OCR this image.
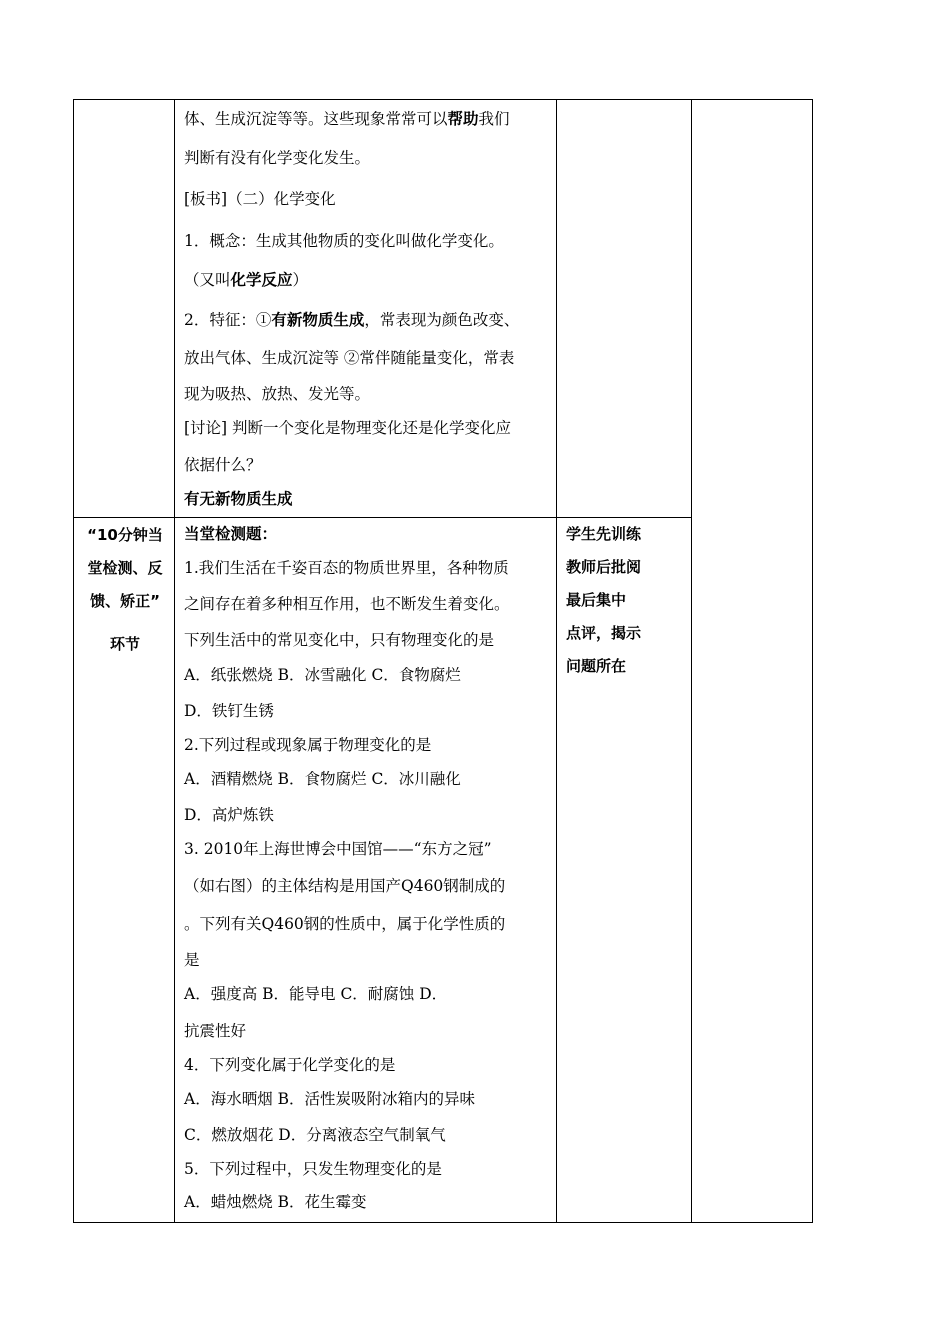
体、生成沉淀等等。这些现象常常可以帮助我们
判断有没有化学变化发生。
[板书]（二）化学变化
1．概念：生成其他物质的变化叫做化学变化。
（又叫化学反应）
2．特征：①有新物质生成，常表现为颜色改变、
放出气体、生成沉淀等 ②常伴随能量变化，常表
现为吸热、放热、发光等。
[讨论] 判断一个变化是物理变化还是化学变化应
依据什么？
有无新物质生成
当堂检测题：
1.我们生活在千姿百态的物质世界里，各种物质
之间存在着多种相互作用，也不断发生着变化。
下列生活中的常见变化中，只有物理变化的是
A．纸张燃烧 B．冰雪融化 C．食物腐烂
D．铁钉生锈
2.下列过程或现象属于物理变化的是
A．酒精燃烧 B．食物腐烂 C．冰川融化
D．高炉炼铁
3. 2010年上海世博会中国馆——“东方之冠”
（如右图）的主体结构是用国产Q460钢制成的
。下列有关Q460钢的性质中，属于化学性质的
是
A．强度高 B．能导电 C．耐腐蚀 D．
抗震性好
4．下列变化属于化学变化的是
A．海水晒烟 B．活性炭吸附冰箱内的异味
C．燃放烟花 D．分离液态空气制氧气
5．下列过程中，只发生物理变化的是
A．蜡烛燃烧 B．花生霉变
“10分钟当
堂检测、反
馈、矫正”
环节
学生先训练
教师后批阅
最后集中
点评，揭示
问题所在
